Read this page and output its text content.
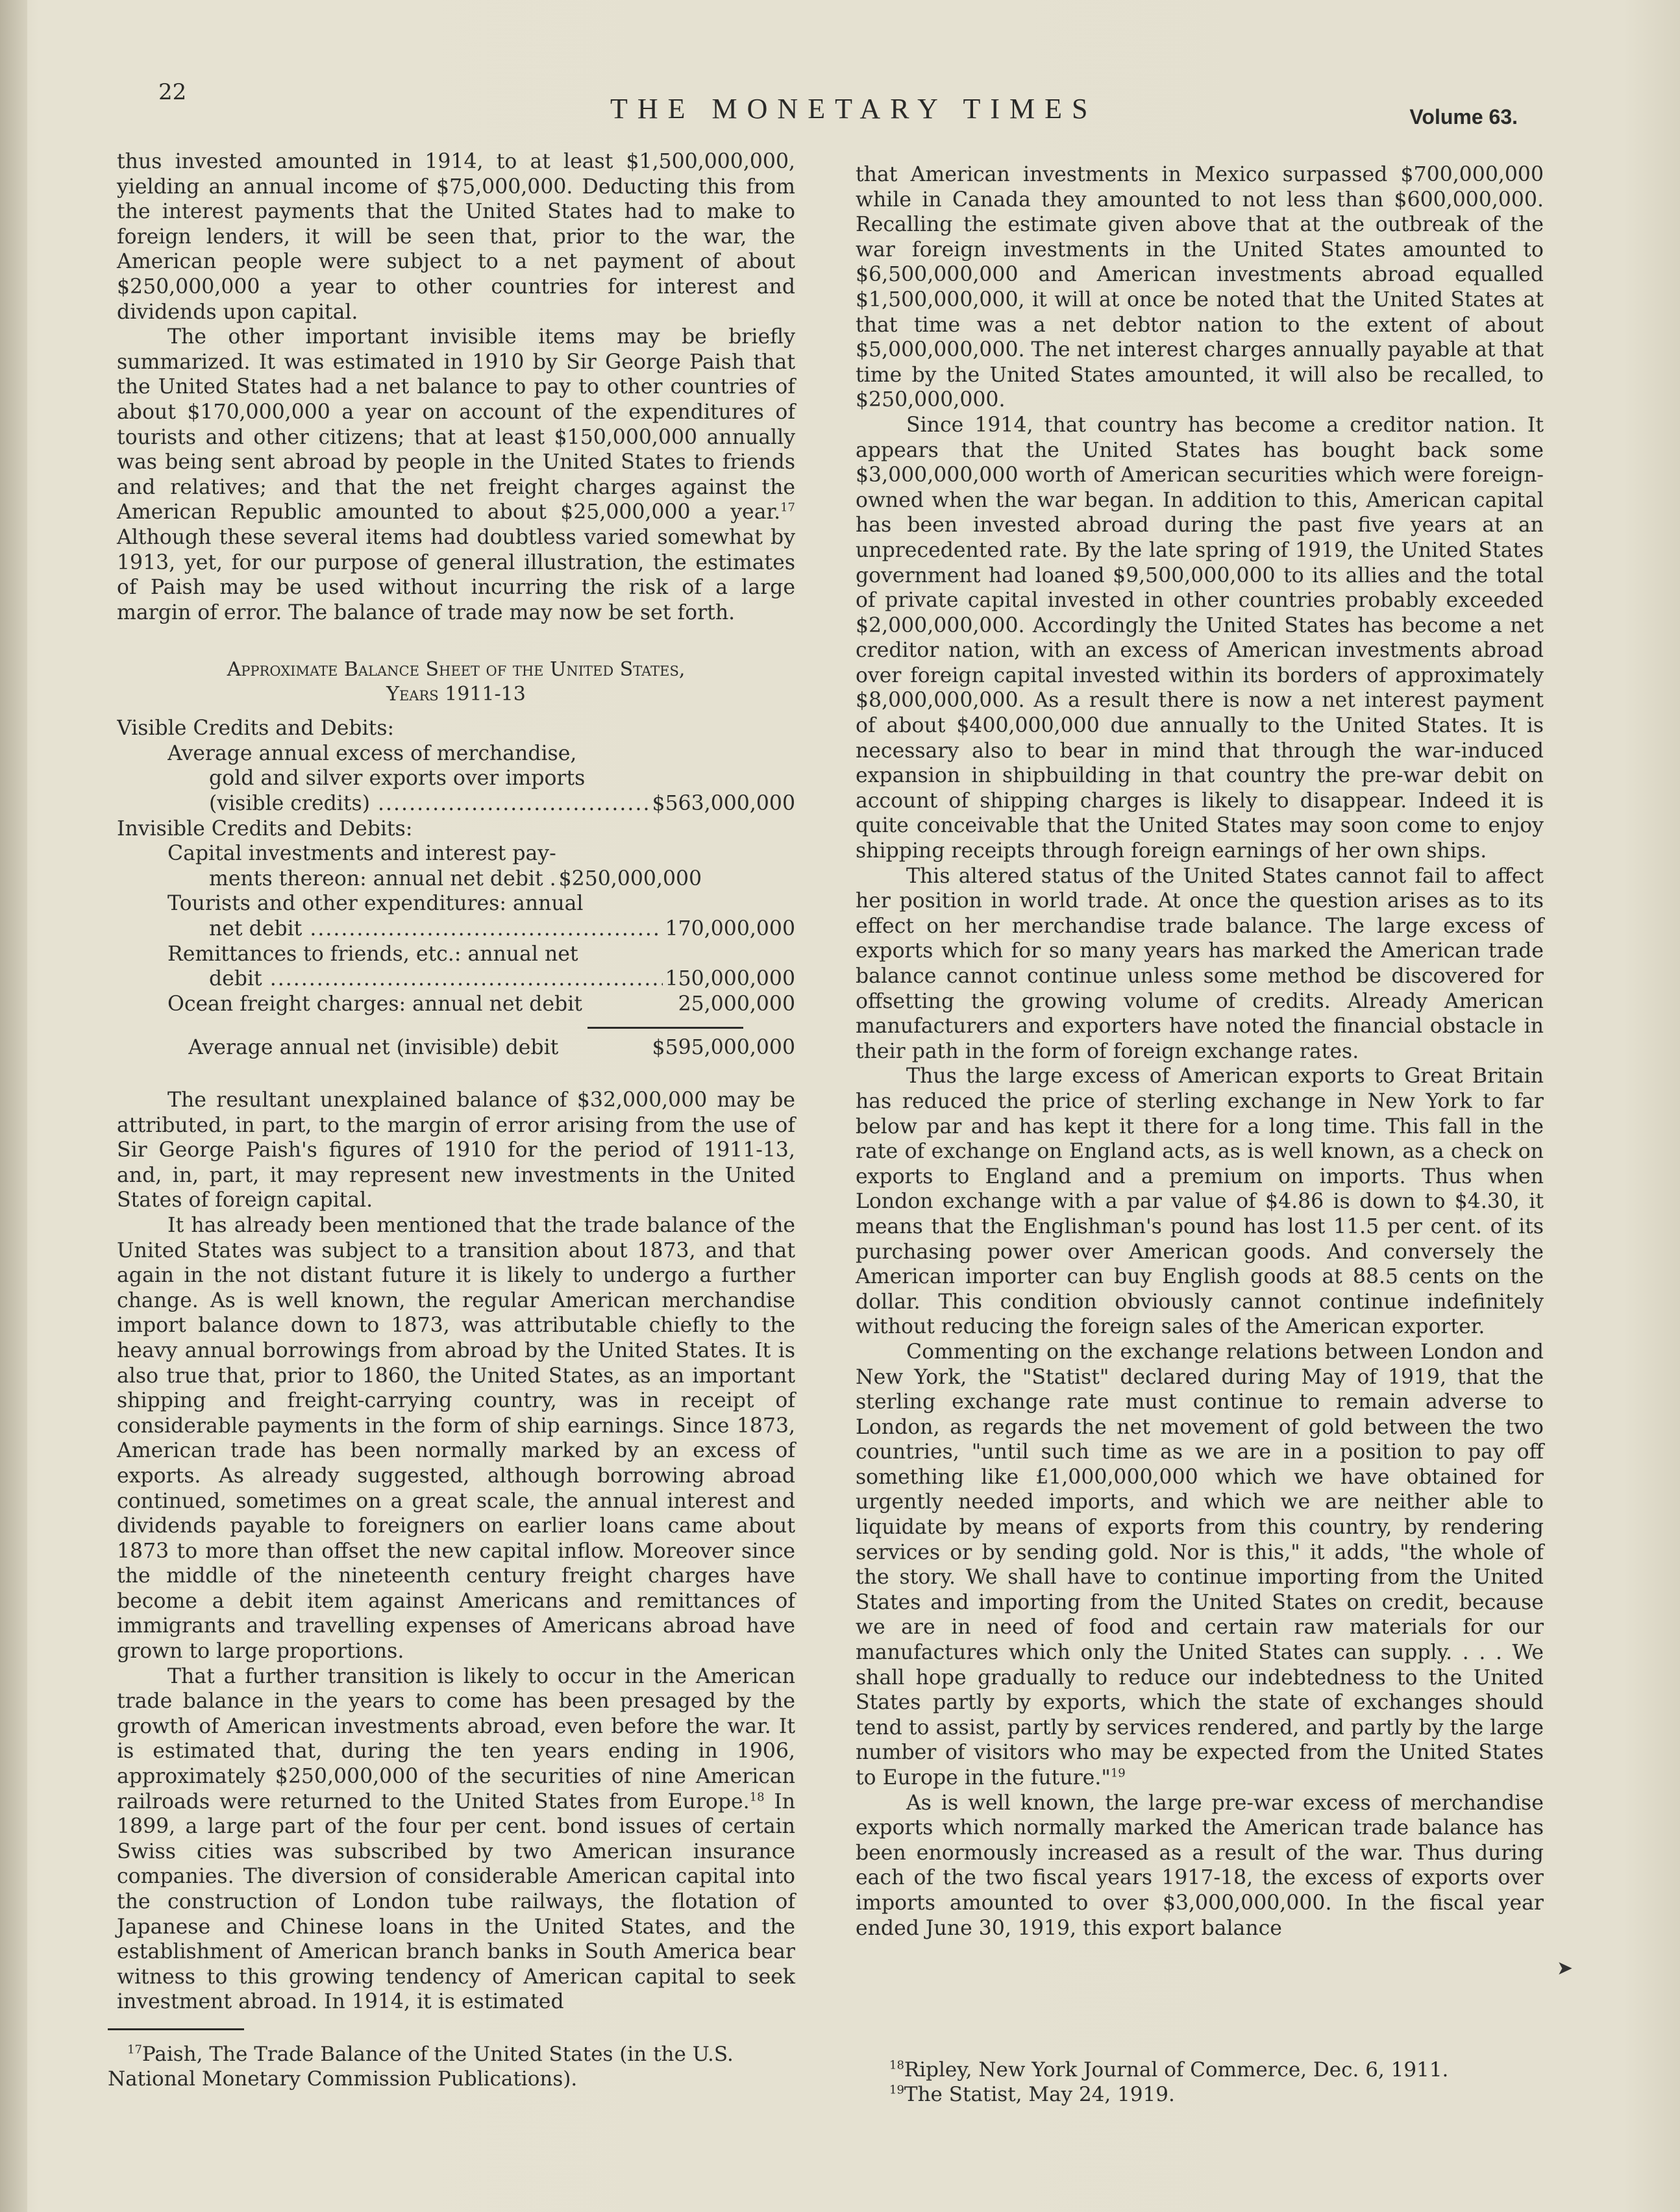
22
THE MONETARY TIMES	Volume 63.

thus invested amounted in 1914, to at least $1,500,000,000, yielding an annual income of $75,000,000. Deducting this from the interest payments that the United States had to make to foreign lenders, it will be seen that, prior to the war, the American people were subject to a net payment of about $250,000,000 a year to other countries for interest and dividends upon capital.

The other important invisible items may be briefly summarized. It was estimated in 1910 by Sir George Paish that the United States had a net balance to pay to other countries of about $170,000,000 a year on account of the expenditures of tourists and other citizens; that at least $150,000,000 annually was being sent abroad by people in the United States to friends and relatives; and that the net freight charges against the American Republic amounted to about $25,000,000 a year.$^{17}$ Although these several items had doubtless varied somewhat by 1913, yet, for our purpose of general illustration, the estimates of Paish may be used without incurring the risk of a large margin of error. The balance of trade may now be set forth.

Approximate Balance Sheet of the United States,
Years 1911-13
Visible Credits and Debits:
Average annual excess of merchandise,
gold and silver exports over imports
(visible credits) .....	$563,000,000
Invisible Credits and Debits:
Capital investments and interest pay-
ments thereon: annual net debit . $250,000,000
Tourists and other expenditures: annual
net debit .....	170,000,000
Remittances to friends, etc.: annual net
debit .....	150,000,000
Ocean freight charges: annual net debit	25,000,000
Average annual net (invisible) debit	$595,000,000

The resultant unexplained balance of $32,000,000 may be attributed, in part, to the margin of error arising from the use of Sir George Paish's figures of 1910 for the period of 1911-13, and, in, part, it may represent new investments in the United States of foreign capital.

It has already been mentioned that the trade balance of the United States was subject to a transition about 1873, and that again in the not distant future it is likely to undergo a further change. As is well known, the regular American merchandise import balance down to 1873, was attributable chiefly to the heavy annual borrowings from abroad by the United States. It is also true that, prior to 1860, the United States, as an important shipping and freight-carrying country, was in receipt of considerable payments in the form of ship earnings. Since 1873, American trade has been normally marked by an excess of exports. As already suggested, although borrowing abroad continued, sometimes on a great scale, the annual interest and dividends payable to foreigners on earlier loans came about 1873 to more than offset the new capital inflow. Moreover since the middle of the nineteenth century freight charges have become a debit item against Americans and remittances of immigrants and travelling expenses of Americans abroad have grown to large proportions.

That a further transition is likely to occur in the American trade balance in the years to come has been presaged by the growth of American investments abroad, even before the war. It is estimated that, during the ten years ending in 1906, approximately $250,000,000 of the securities of nine American railroads were returned to the United States from Europe.$^{18}$ In 1899, a large part of the four per cent. bond issues of certain Swiss cities was subscribed by two American insurance companies. The diversion of considerable American capital into the construction of London tube railways, the flotation of Japanese and Chinese loans in the United States, and the establishment of American branch banks in South America bear witness to this growing tendency of American capital to seek investment abroad. In 1914, it is estimated

$^{17}$Paish, The Trade Balance of the United States (in the U.S. National Monetary Commission Publications).

that American investments in Mexico surpassed $700,000,000 while in Canada they amounted to not less than $600,000,000. Recalling the estimate given above that at the outbreak of the war foreign investments in the United States amounted to $6,500,000,000 and American investments abroad equalled $1,500,000,000, it will at once be noted that the United States at that time was a net debtor nation to the extent of about $5,000,000,000. The net interest charges annually payable at that time by the United States amounted, it will also be recalled, to $250,000,000.

Since 1914, that country has become a creditor nation. It appears that the United States has bought back some $3,000,000,000 worth of American securities which were foreign-owned when the war began. In addition to this, American capital has been invested abroad during the past five years at an unprecedented rate. By the late spring of 1919, the United States government had loaned $9,500,000,000 to its allies and the total of private capital invested in other countries probably exceeded $2,000,000,000. Accordingly the United States has become a net creditor nation, with an excess of American investments abroad over foreign capital invested within its borders of approximately $8,000,000,000. As a result there is now a net interest payment of about $400,000,000 due annually to the United States. It is necessary also to bear in mind that through the war-induced expansion in shipbuilding in that country the pre-war debit on account of shipping charges is likely to disappear. Indeed it is quite conceivable that the United States may soon come to enjoy shipping receipts through foreign earnings of her own ships.

This altered status of the United States cannot fail to affect her position in world trade. At once the question arises as to its effect on her merchandise trade balance. The large excess of exports which for so many years has marked the American trade balance cannot continue unless some method be discovered for offsetting the growing volume of credits. Already American manufacturers and exporters have noted the financial obstacle in their path in the form of foreign exchange rates.

Thus the large excess of American exports to Great Britain has reduced the price of sterling exchange in New York to far below par and has kept it there for a long time. This fall in the rate of exchange on England acts, as is well known, as a check on exports to England and a premium on imports. Thus when London exchange with a par value of $4.86 is down to $4.30, it means that the Englishman's pound has lost 11.5 per cent. of its purchasing power over American goods. And conversely the American importer can buy English goods at 88.5 cents on the dollar. This condition obviously cannot continue indefinitely without reducing the foreign sales of the American exporter.

Commenting on the exchange relations between London and New York, the "Statist" declared during May of 1919, that the sterling exchange rate must continue to remain adverse to London, as regards the net movement of gold between the two countries, "until such time as we are in a position to pay off something like £1,000,000,000 which we have obtained for urgently needed imports, and which we are neither able to liquidate by means of exports from this country, by rendering services or by sending gold. Nor is this," it adds, "the whole of the story. We shall have to continue importing from the United States and importing from the United States on credit, because we are in need of food and certain raw materials for our manufactures which only the United States can supply. . . . We shall hope gradually to reduce our indebtedness to the United States partly by exports, which the state of exchanges should tend to assist, partly by services rendered, and partly by the large number of visitors who may be expected from the United States to Europe in the future."$^{19}$

As is well known, the large pre-war excess of merchandise exports which normally marked the American trade balance has been enormously increased as a result of the war. Thus during each of the two fiscal years 1917-18, the excess of exports over imports amounted to over $3,000,000,000. In the fiscal year ended June 30, 1919, this export balance

$^{18}$Ripley, New York Journal of Commerce, Dec. 6, 1911.

$^{19}$The Statist, May 24, 1919.

➤
